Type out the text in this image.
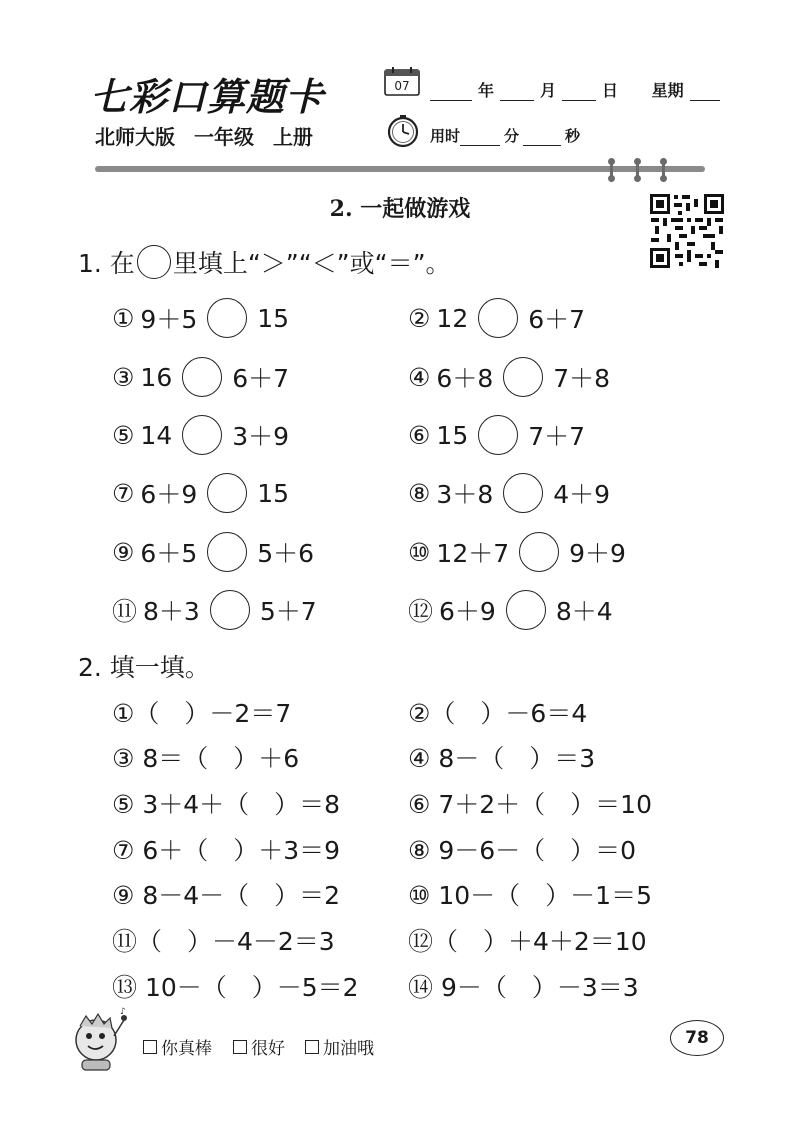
七彩口算题卡	07	年	月	日 星期
北师大版 一年级 上册	用时	分	秒
2. 一起做游戏
1. 在 里填上“＞”“＜”或“＝”。
① 9＋5 15
③ 16 6＋7
⑤ 14 3＋9
⑦ 6＋9 15
⑨ 6＋5 5＋6
⑪ 8＋3 5＋7
② 12 6＋7
④ 6＋8 7＋8
⑥ 15 7＋7
⑧ 3＋8 4＋9
⑩ 12＋7 9＋9
⑫ 6＋9 8＋4
2. 填一填。
①（　）－2＝7	②（　）－6＝4
③ 8＝（　）＋6	④ 8－（　）＝3
⑤ 3＋4＋（　）＝8	⑥ 7＋2＋（　）＝10
⑦ 6＋（　）＋3＝9	⑧ 9－6－（　）＝0
⑨ 8－4－（　）＝2	⑩ 10－（　）－1＝5
⑪（　）－4－2＝3	⑫（　）＋4＋2＝10
⑬ 10－（　）－5＝2 ⑭ 9－（　）－3＝3
♪
你真棒 很好 加油哦
78
